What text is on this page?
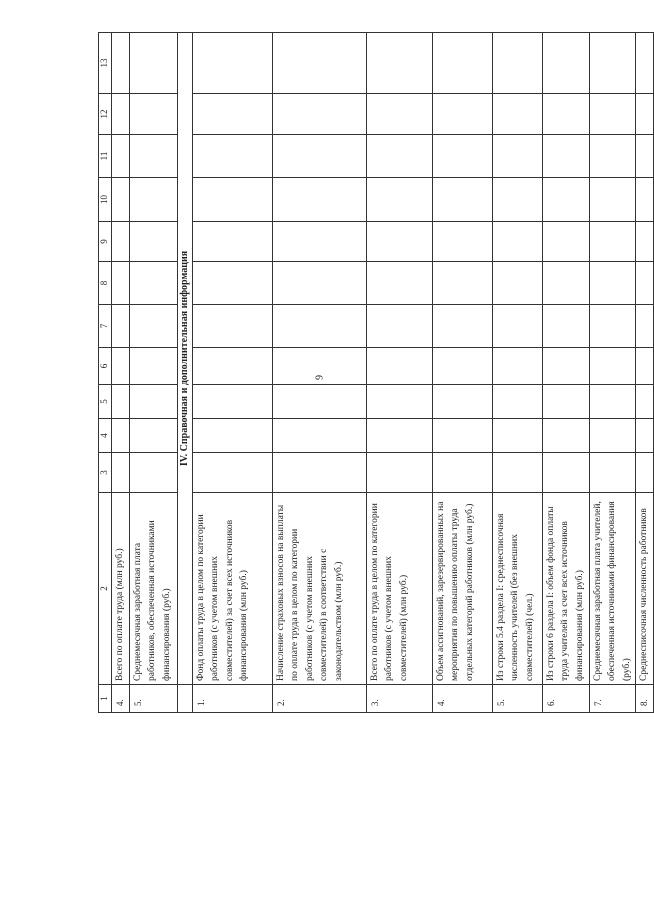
9
1	2	3	4	5	6	7	8	9	10	11	12	13
4.	Всего по оплате труда (млн руб.)											
5.	Среднемесячная заработная плата работников, обеспеченная источниками финансирования (руб.)											
	IV. Справочная и дополнительная информация											
1.	Фонд оплаты труда в целом по категории работников (с учетом внешних совместителей) за счет всех источников финансирования (млн руб.)											
2.	Начисление страховых взносов на выплаты по оплате труда в целом по категории работников (с учетом внешних совместителей) в соответствии с законодательством (млн руб.)											
3.	Всего по оплате труда в целом по категории работников (с учетом внешних совместителей) (млн руб.)											
4.	Объем ассигнований, зарезервированных на мероприятия по повышению оплаты труда отдельных категорий работников (млн руб.)											
5.	Из строки 5.4 раздела I: среднесписочная численность учителей (без внешних совместителей) (чел.)											
6.	Из строки 6 раздела I: объем фонда оплаты труда учителей за счет всех источников финансирования (млн руб.)											
7.	Среднемесячная заработная плата учителей, обеспеченная источниками финансирования (руб.)											
8.	Среднесписочная численность работников											
